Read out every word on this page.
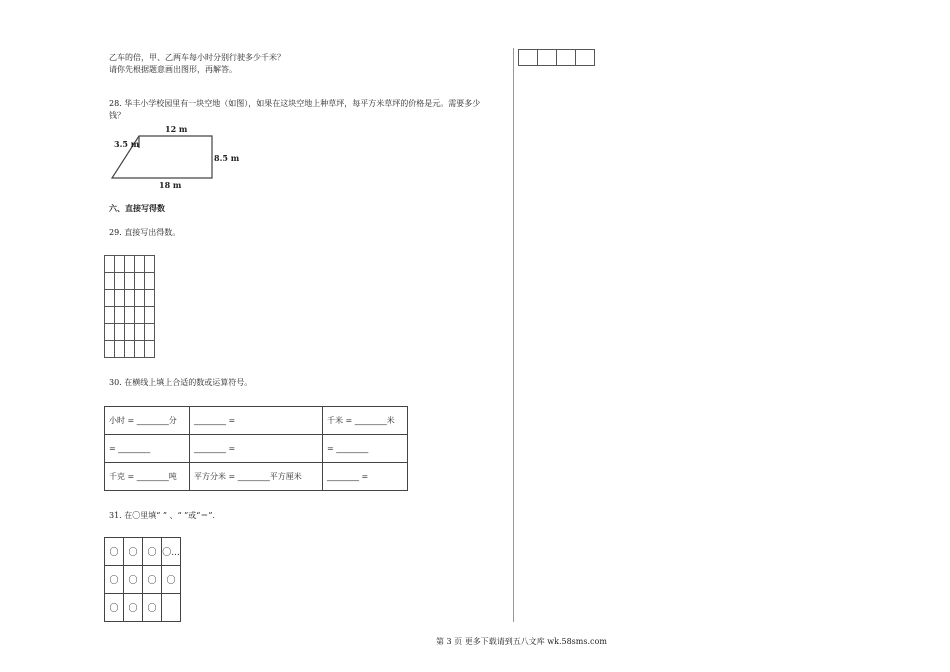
乙车的倍，甲、乙两车每小时分别行驶多少千米？
请你先根据题意画出图形，再解答。
28. 华丰小学校园里有一块空地（如图），如果在这块空地上种草坪，每平方米草坪的价格是元。需要多少
钱？
12 m
3.5 m
8.5 m
18 m
六、直接写得数
29. 直接写出得数。

30. 在横线上填上合适的数或运算符号。
小时 = ________分	________ =	千米 = ________米
= ________	________ =	= ________
千克 = ________吨	平方分米 = ________平方厘米	________ =
31. 在〇里填“ ” 、“ ”或“＝”.
〇	〇	〇	〇...
〇	〇	〇	〇
〇	〇	〇	

第 3 页 更多下载请到五八文库 wk.58sms.com
